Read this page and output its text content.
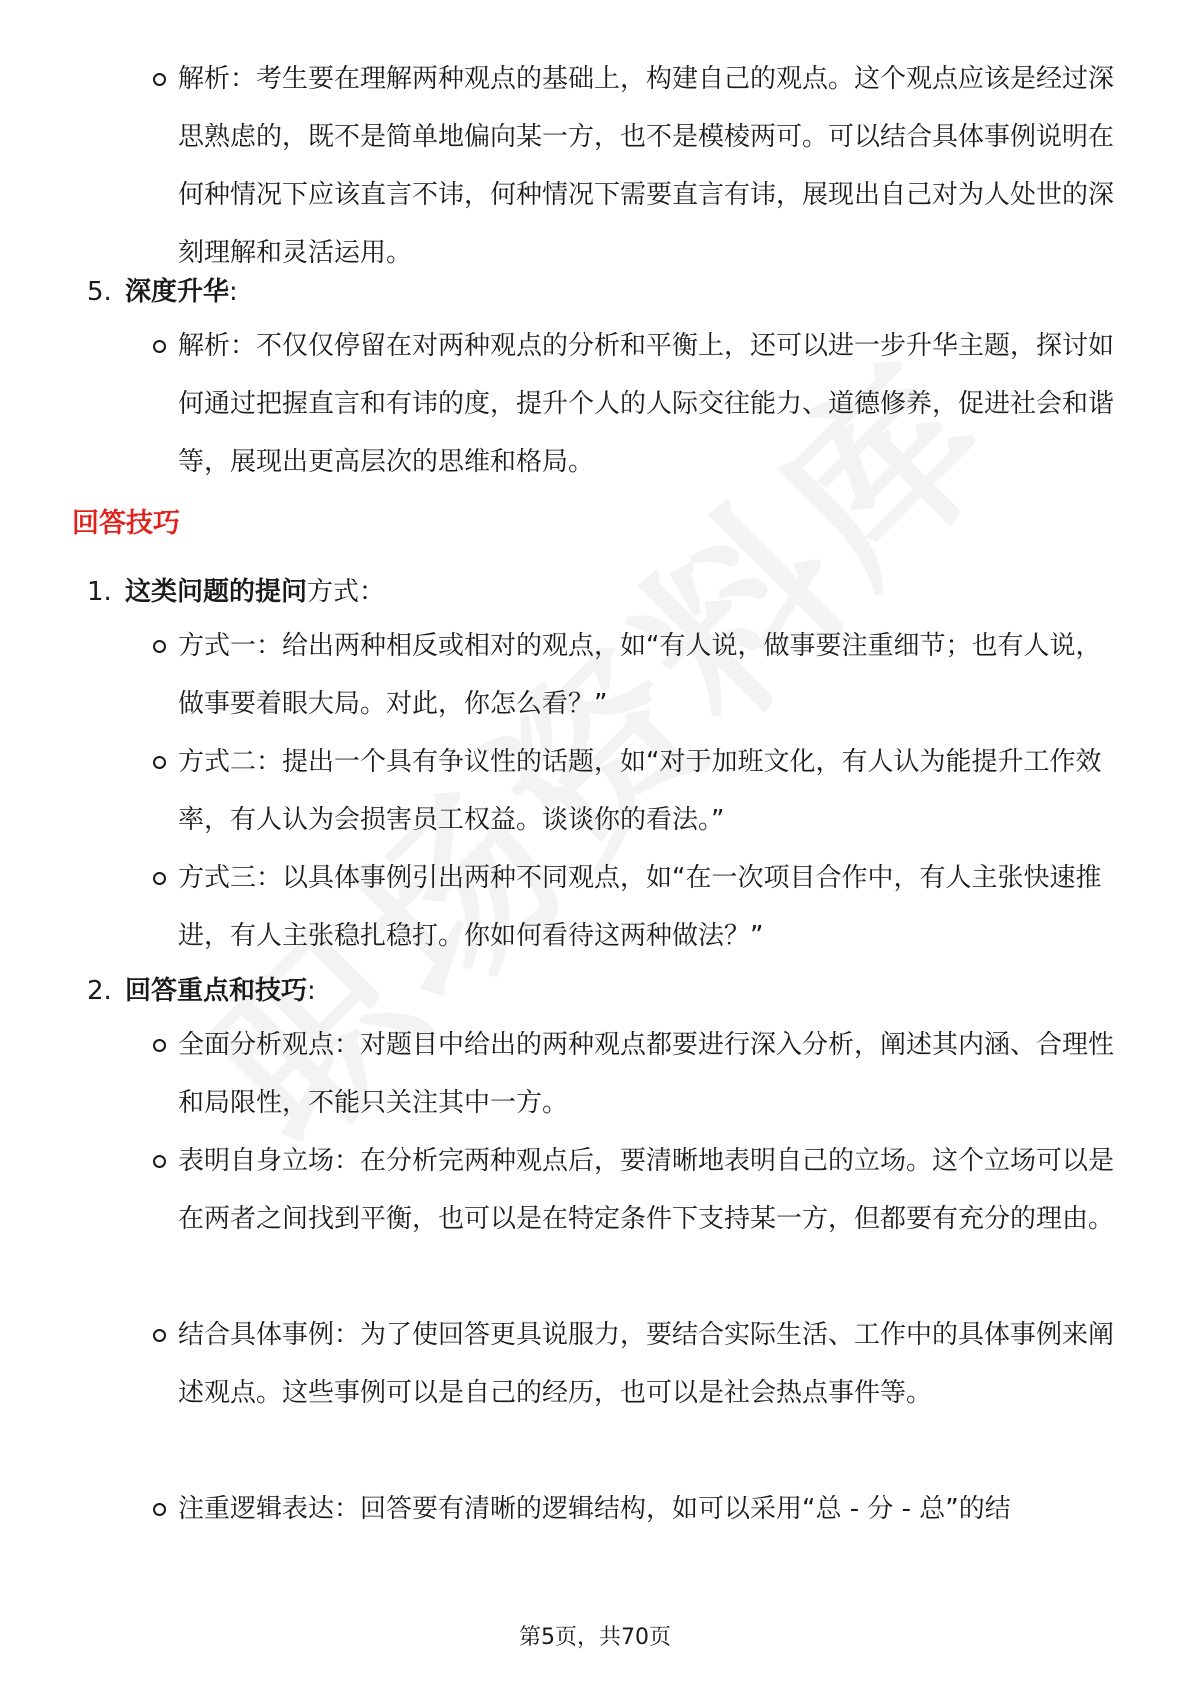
解析：考生要在理解两种观点的基础上，构建自己的观点。这个观点应该是经过深思熟虑的，既不是简单地偏向某一方，也不是模棱两可。可以结合具体事例说明在何种情况下应该直言不讳，何种情况下需要直言有讳，展现出自己对为人处世的深刻理解和灵活运用。
5. 深度升华:
解析：不仅仅停留在对两种观点的分析和平衡上，还可以进一步升华主题，探讨如何通过把握直言和有讳的度，提升个人的人际交往能力、道德修养，促进社会和谐等，展现出更高层次的思维和格局。
回答技巧
1. 这类问题的提问方式：
方式一：给出两种相反或相对的观点，如“有人说，做事要注重细节；也有人说，做事要着眼大局。对此，你怎么看？”
方式二：提出一个具有争议性的话题，如“对于加班文化，有人认为能提升工作效率，有人认为会损害员工权益。谈谈你的看法。”
方式三：以具体事例引出两种不同观点，如“在一次项目合作中，有人主张快速推进，有人主张稳扎稳打。你如何看待这两种做法？”
2. 回答重点和技巧:
全面分析观点：对题目中给出的两种观点都要进行深入分析，阐述其内涵、合理性和局限性，不能只关注其中一方。
表明自身立场：在分析完两种观点后，要清晰地表明自己的立场。这个立场可以是在两者之间找到平衡，也可以是在特定条件下支持某一方，但都要有充分的理由。
结合具体事例：为了使回答更具说服力，要结合实际生活、工作中的具体事例来阐述观点。这些事例可以是自己的经历，也可以是社会热点事件等。
注重逻辑表达：回答要有清晰的逻辑结构，如可以采用“总 - 分 - 总”的结
第5页，共70页
